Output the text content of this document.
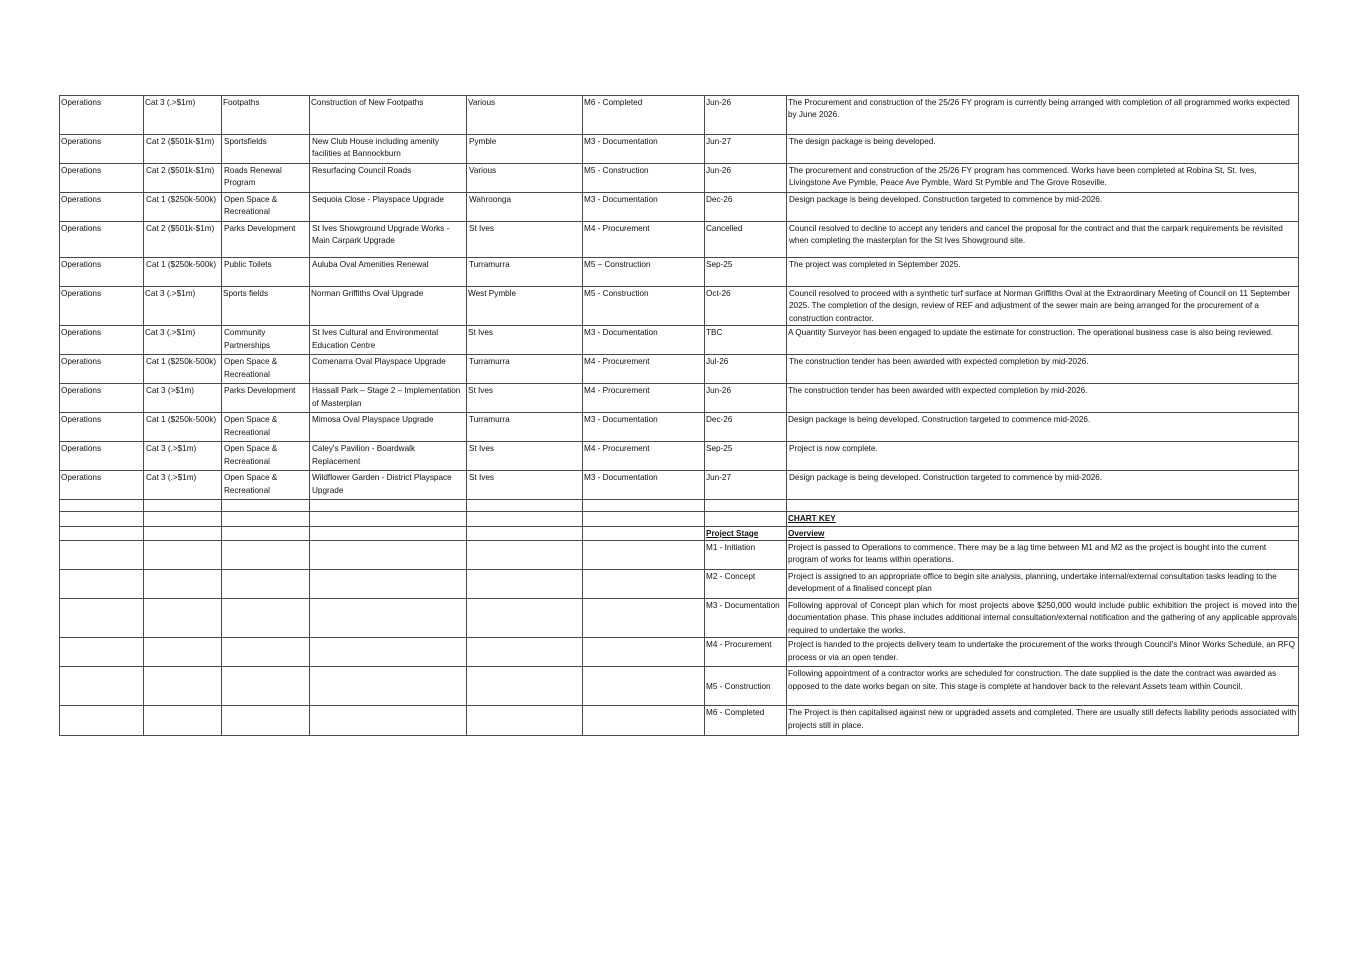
Operations	Cat 3 (.>$1m)	Footpaths	Construction of New Footpaths	Various	M6 - Completed	Jun-26	The Procurement and construction of the 25/26 FY program is currently being arranged with completion of all programmed works expected by June 2026.
Operations	Cat 2 ($501k-$1m)	Sportsfields	New Club House including amenity facilities at Bannockburn	Pymble	M3 - Documentation	Jun-27	The design package is being developed.
Operations	Cat 2 ($501k-$1m)	Roads Renewal Program	Resurfacing Council Roads	Various	M5 - Construction	Jun-26	The procurement and construction of the 25/26 FY program has commenced. Works have been completed at Robina St, St. Ives, Livingstone Ave Pymble, Peace Ave Pymble, Ward St Pymble and The Grove Roseville.
Operations	Cat 1 ($250k-500k)	Open Space & Recreational	Sequoia Close - Playspace Upgrade	Wahroonga	M3 - Documentation	Dec-26	Design package is being developed. Construction targeted to commence by mid-2026.
Operations	Cat 2 ($501k-$1m)	Parks Development	St Ives Showground Upgrade Works - Main Carpark Upgrade	St Ives	M4 - Procurement	Cancelled	Council resolved to decline to accept any tenders and cancel the proposal for the contract and that the carpark requirements be revisited when completing the masterplan for the St Ives Showground site.
Operations	Cat 1 ($250k-500k)	Public Toilets	Auluba Oval Amenities Renewal	Turramurra	M5 – Construction	Sep-25	The project was completed in September 2025.
Operations	Cat 3 (.>$1m)	Sports fields	Norman Griffiths Oval Upgrade	West Pymble	M5 - Construction	Oct-26	Council resolved to proceed with a synthetic turf surface at Norman Griffiths Oval at the Extraordinary Meeting of Council on 11 September 2025. The completion of the design, review of REF and adjustment of the sewer main are being arranged for the procurement of a construction contractor.
Operations	Cat 3 (.>$1m)	Community Partnerships	St Ives Cultural and Environmental Education Centre	St Ives	M3 - Documentation	TBC	A Quantity Surveyor has been engaged to update the estimate for construction. The operational business case is also being reviewed.
Operations	Cat 1 ($250k-500k)	Open Space & Recreational	Comenarra Oval Playspace Upgrade	Turramurra	M4 - Procurement	Jul-26	The construction tender has been awarded with expected completion by mid-2026.
Operations	Cat 3 (>$1m)	Parks Development	Hassall Park – Stage 2 – Implementation of Masterplan	St Ives	M4 - Procurement	Jun-26	The construction tender has been awarded with expected completion by mid-2026.
Operations	Cat 1 ($250k-500k)	Open Space & Recreational	Mimosa Oval Playspace Upgrade	Turramurra	M3 - Documentation	Dec-26	Design package is being developed. Construction targeted to commence mid-2026.
Operations	Cat 3 (.>$1m)	Open Space & Recreational	Caley's Pavilion - Boardwalk Replacement	St Ives	M4 - Procurement	Sep-25	Project is now complete.
Operations	Cat 3 (.>$1m)	Open Space & Recreational	Wildflower Garden - District Playspace Upgrade	St Ives	M3 - Documentation	Jun-27	Design package is being developed. Construction targeted to commence by mid-2026.

							CHART KEY
						Project Stage	Overview
						M1 - Initiation	Project is passed to Operations to commence. There may be a lag time between M1 and M2 as the project is bought into the current program of works for teams within operations.
						M2 - Concept	Project is assigned to an appropriate office to begin site analysis, planning, undertake internal/external consultation tasks leading to the development of a finalised concept plan
						M3 - Documentation	Following approval of Concept plan which for most projects above $250,000 would include public exhibition the project is moved into the documentation phase. This phase includes additional internal consultation/external notification and the gathering of any applicable approvals required to undertake the works.
						M4 - Procurement	Project is handed to the projects delivery team to undertake the procurement of the works through Council's Minor Works Schedule, an RFQ process or via an open tender.
						M5 - Construction	Following appointment of a contractor works are scheduled for construction. The date supplied is the date the contract was awarded as opposed to the date works began on site. This stage is complete at handover back to the relevant Assets team within Council.
						M6 - Completed	The Project is then capitalised against new or upgraded assets and completed. There are usually still defects liability periods associated with projects still in place.
